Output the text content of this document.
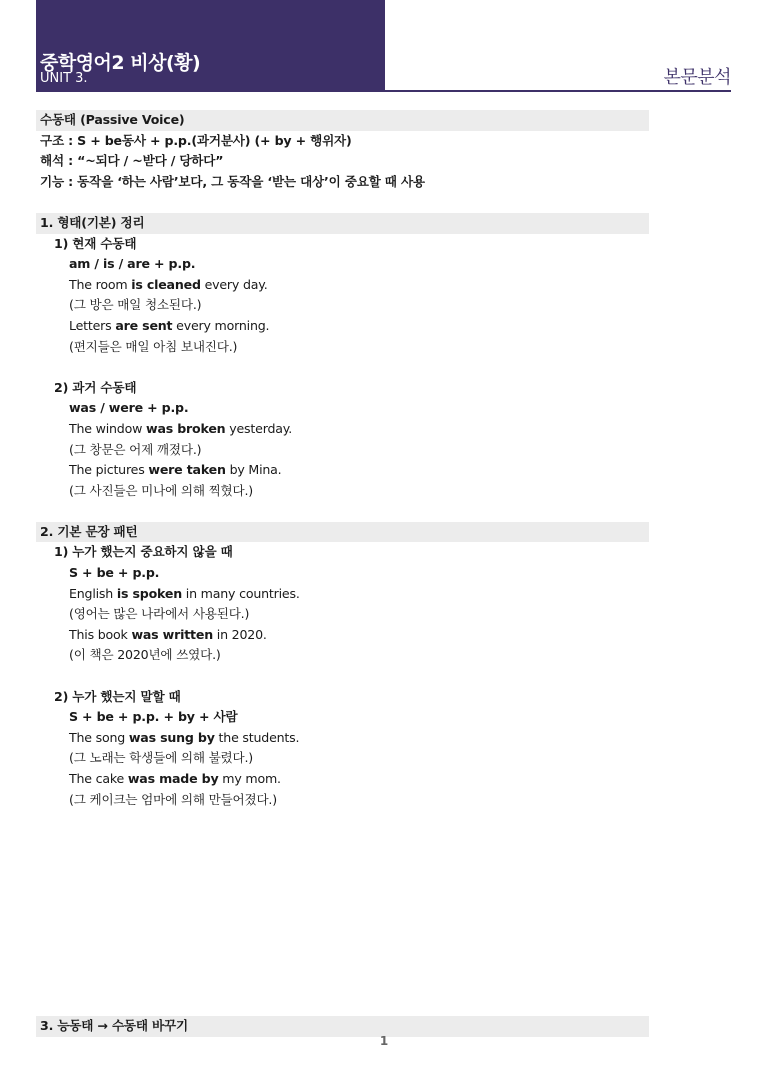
중학영어2 비상(황)
UNIT 3.	본문분석
수동태 (Passive Voice)
구조 : S + be동사 + p.p.(과거분사) (+ by + 행위자)
해석 : “~되다 / ~받다 / 당하다”
기능 : 동작을 ‘하는 사람’보다, 그 동작을 ‘받는 대상’이 중요할 때 사용
1. 형태(기본) 정리
1) 현재 수동태
am / is / are + p.p.
The room is cleaned every day.
(그 방은 매일 청소된다.)
Letters are sent every morning.
(편지들은 매일 아침 보내진다.)
2) 과거 수동태
was / were + p.p.
The window was broken yesterday.
(그 창문은 어제 깨졌다.)
The pictures were taken by Mina.
(그 사진들은 미나에 의해 찍혔다.)
2. 기본 문장 패턴
1) 누가 했는지 중요하지 않을 때
S + be + p.p.
English is spoken in many countries.
(영어는 많은 나라에서 사용된다.)
This book was written in 2020.
(이 책은 2020년에 쓰였다.)
2) 누가 했는지 말할 때
S + be + p.p. + by + 사람
The song was sung by the students.
(그 노래는 학생들에 의해 불렸다.)
The cake was made by my mom.
(그 케이크는 엄마에 의해 만들어졌다.)
3. 능동태 → 수동태 바꾸기
1
